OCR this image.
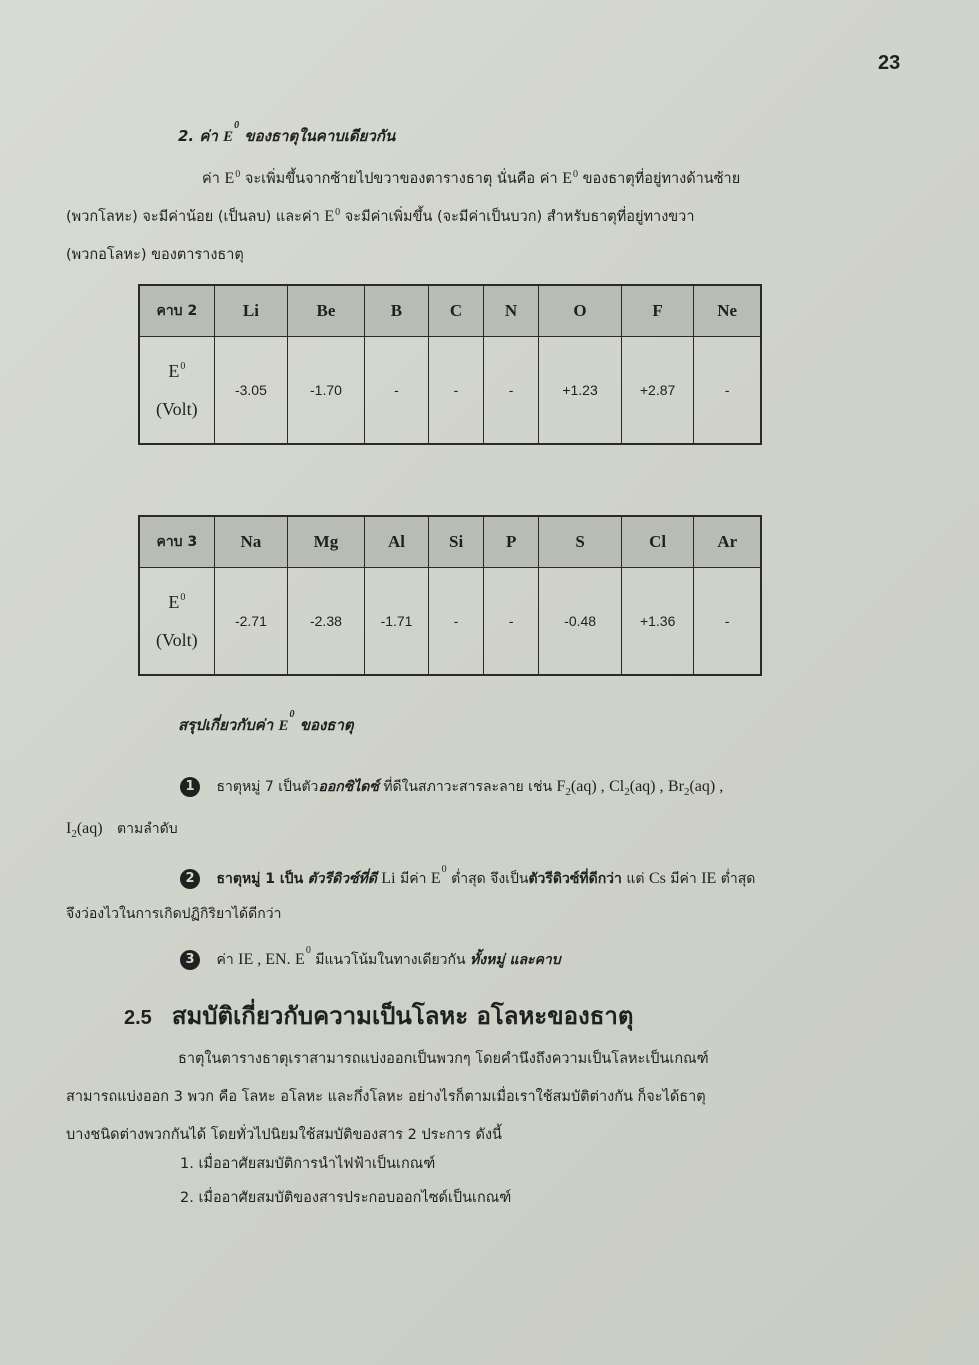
23
2. ค่า $E^0$ ของธาตุในคาบเดียวกัน
ค่า $E^0$ จะเพิ่มขึ้นจากซ้ายไปขวาของตารางธาตุ นั่นคือ ค่า $E^0$ ของธาตุที่อยู่ทางด้านซ้าย
(พวกโลหะ) จะมีค่าน้อย (เป็นลบ) และค่า $E^0$ จะมีค่าเพิ่มขึ้น (จะมีค่าเป็นบวก) สำหรับธาตุที่อยู่ทางขวา
(พวกอโลหะ) ของตารางธาตุ
คาบ 2	Li	Be	B	C	N	O	F	Ne

$E^0$
(Volt)	-3.05	-1.70	-	-	-	+1.23	+2.87	-
คาบ 3	Na	Mg	Al	Si	P	S	Cl	Ar

$E^0$
(Volt)	-2.71	-2.38	-1.71	-	-	-0.48	+1.36	-
สรุปเกี่ยวกับค่า $E^0$ ของธาตุ
1 ธาตุหมู่ 7 เป็นตัวออกซิไดซ์ ที่ดีในสภาวะสารละลาย เช่น $F_2(aq)$ , $Cl_2(aq)$ , $Br_2(aq)$ ,
$I_2(aq)$ ตามลำดับ
2 ธาตุหมู่ 1 เป็น ตัวรีดิวซ์ที่ดี Li มีค่า $E^0$ ต่ำสุด จึงเป็นตัวรีดิวซ์ที่ดีกว่า แต่ Cs มีค่า IE ต่ำสุด
จึงว่องไวในการเกิดปฏิกิริยาได้ดีกว่า
3 ค่า IE , EN. $E^0$ มีแนวโน้มในทางเดียวกัน ทั้งหมู่ และคาบ
2.5 สมบัติเกี่ยวกับความเป็นโลหะ อโลหะของธาตุ
ธาตุในตารางธาตุเราสามารถแบ่งออกเป็นพวกๆ โดยคำนึงถึงความเป็นโลหะเป็นเกณฑ์
สามารถแบ่งออก 3 พวก คือ โลหะ อโลหะ และกึ่งโลหะ อย่างไรก็ตามเมื่อเราใช้สมบัติต่างกัน ก็จะได้ธาตุ
บางชนิดต่างพวกกันได้ โดยทั่วไปนิยมใช้สมบัติของสาร 2 ประการ ดังนี้
1. เมื่ออาศัยสมบัติการนำไฟฟ้าเป็นเกณฑ์
2. เมื่ออาศัยสมบัติของสารประกอบออกไซด์เป็นเกณฑ์
